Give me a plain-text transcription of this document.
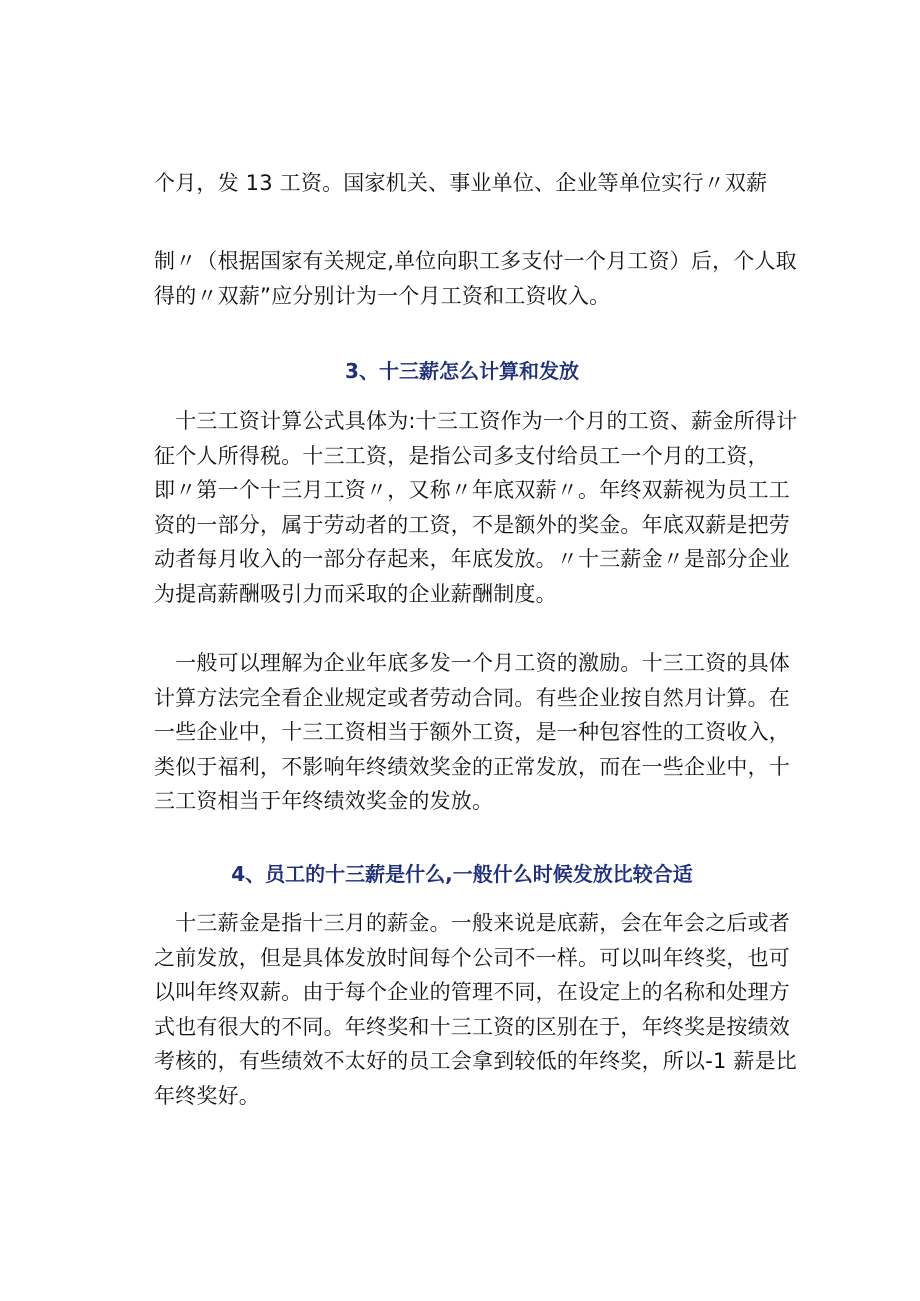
个月，发 13 工资。国家机关、事业单位、企业等单位实行〃双薪

制〃（根据国家有关规定,单位向职工多支付一个月工资）后，个人取
得的〃双薪”应分别计为一个月工资和工资收入。

3、十三薪怎么计算和发放

　十三工资计算公式具体为:十三工资作为一个月的工资、薪金所得计
征个人所得税。十三工资，是指公司多支付给员工一个月的工资，
即〃第一个十三月工资〃，又称〃年底双薪〃。年终双薪视为员工工
资的一部分，属于劳动者的工资，不是额外的奖金。年底双薪是把劳
动者每月收入的一部分存起来，年底发放。〃十三薪金〃是部分企业
为提高薪酬吸引力而采取的企业薪酬制度。

　一般可以理解为企业年底多发一个月工资的激励。十三工资的具体
计算方法完全看企业规定或者劳动合同。有些企业按自然月计算。在
一些企业中，十三工资相当于额外工资，是一种包容性的工资收入，
类似于福利，不影响年终绩效奖金的正常发放，而在一些企业中，十
三工资相当于年终绩效奖金的发放。

4、员工的十三薪是什么,一般什么时候发放比较合适

　十三薪金是指十三月的薪金。一般来说是底薪，会在年会之后或者
之前发放，但是具体发放时间每个公司不一样。可以叫年终奖，也可
以叫年终双薪。由于每个企业的管理不同，在设定上的名称和处理方
式也有很大的不同。年终奖和十三工资的区别在于，年终奖是按绩效
考核的，有些绩效不太好的员工会拿到较低的年终奖，所以-1 薪是比
年终奖好。
